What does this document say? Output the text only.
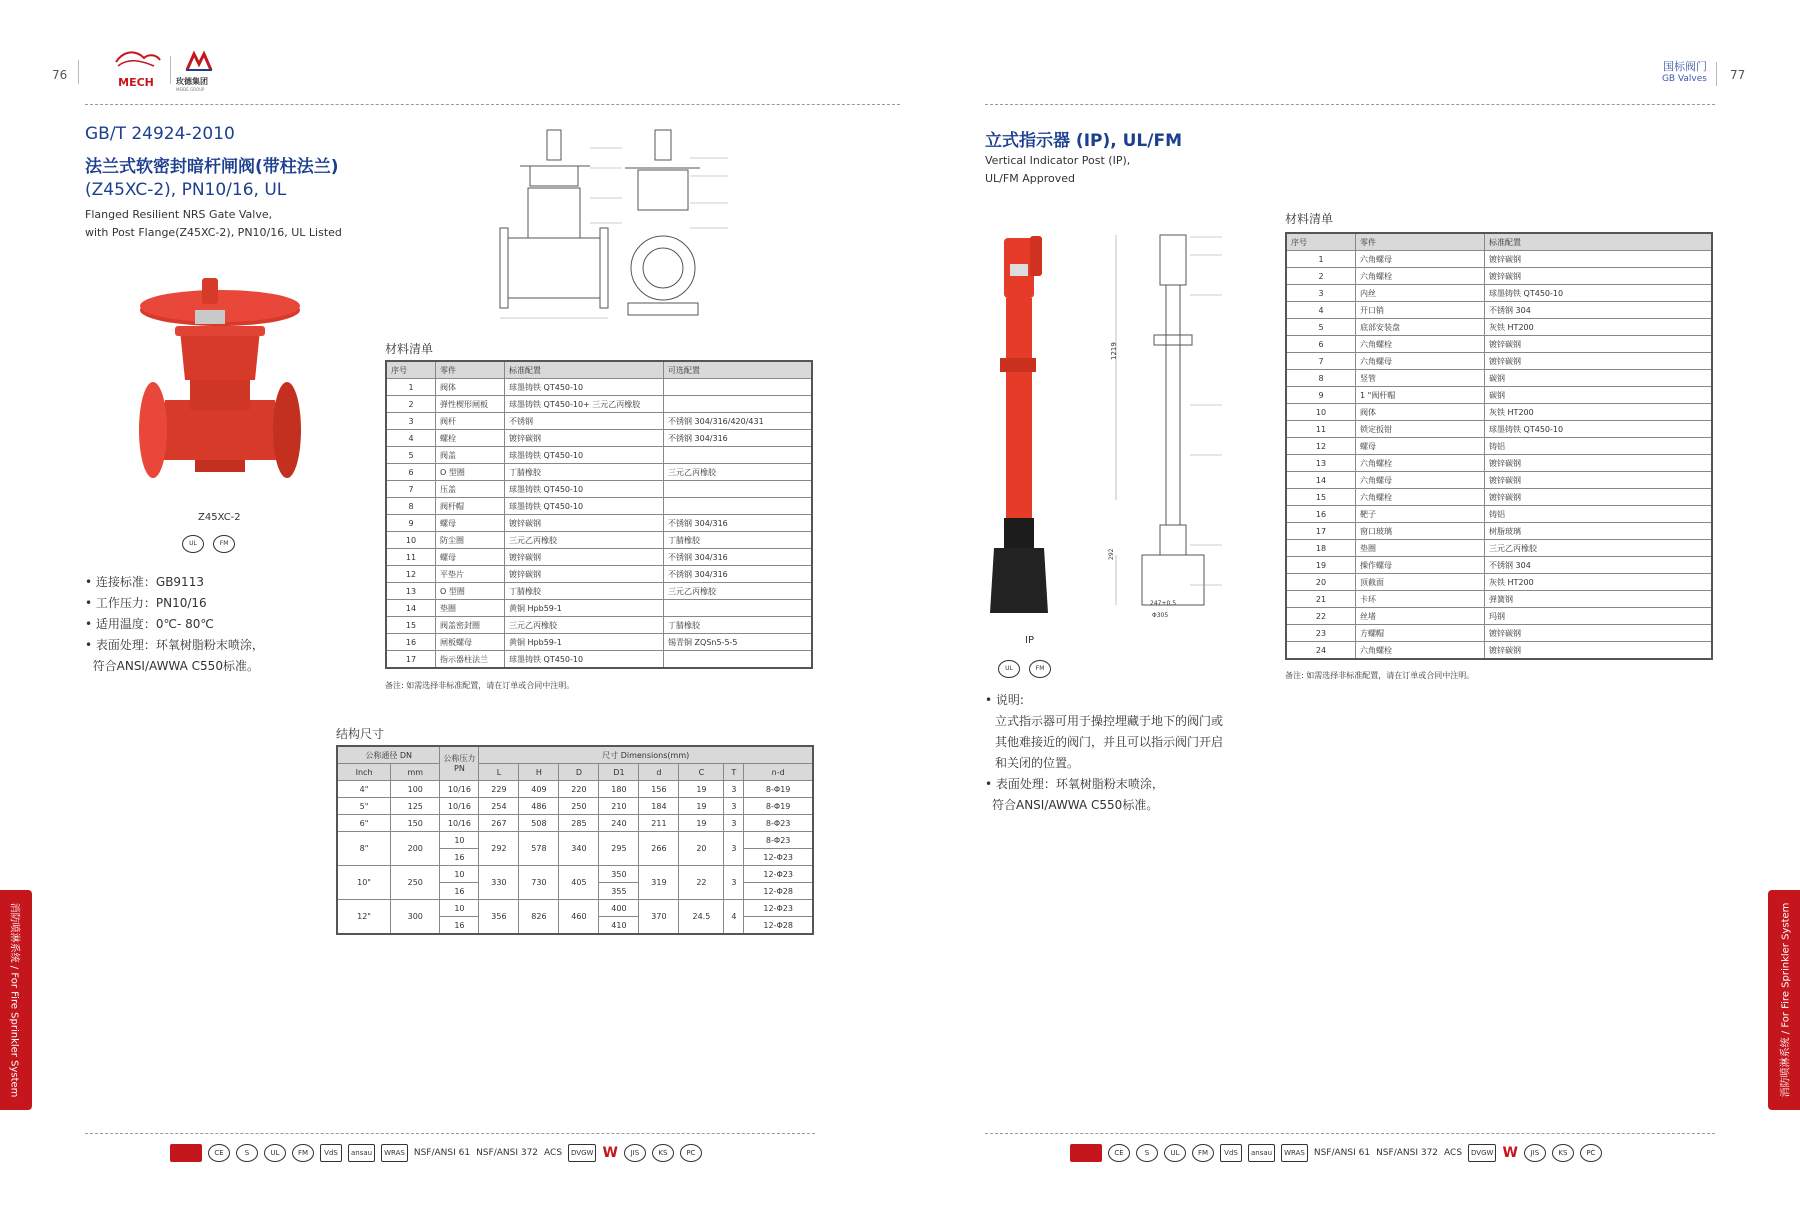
76
MECH	玫德集团
MEIDE GROUP
国标阀门
GB Valves 77
GB/T 24924-2010
法兰式软密封暗杆闸阀(带柱法兰)
(Z45XC-2), PN10/16, UL
Flanged Resilient NRS Gate Valve,
with Post Flange(Z45XC-2), PN10/16, UL Listed
Z45XC-2
UL	FM
• 连接标准：GB9113
• 工作压力：PN10/16
• 适用温度：0℃- 80℃
• 表面处理：环氧树脂粉末喷涂，
符合ANSI/AWWA C550标准。
材料清单
序号	零件	标准配置	可选配置
1	阀体	球墨铸铁 QT450-10	
2	弹性楔形闸板	球墨铸铁 QT450-10+ 三元乙丙橡胶	
3	阀杆	不锈钢	不锈钢 304/316/420/431
4	螺栓	镀锌碳钢	不锈钢 304/316
5	阀盖	球墨铸铁 QT450-10	
6	O 型圈	丁腈橡胶	三元乙丙橡胶
7	压盖	球墨铸铁 QT450-10	
8	阀杆帽	球墨铸铁 QT450-10	
9	螺母	镀锌碳钢	不锈钢 304/316
10	防尘圈	三元乙丙橡胶	丁腈橡胶
11	螺母	镀锌碳钢	不锈钢 304/316
12	平垫片	镀锌碳钢	不锈钢 304/316
13	O 型圈	丁腈橡胶	三元乙丙橡胶
14	垫圈	黄铜 Hpb59-1	
15	阀盖密封圈	三元乙丙橡胶	丁腈橡胶
16	闸板螺母	黄铜 Hpb59-1	锡青铜 ZQSn5-5-5
17	指示器柱法兰	球墨铸铁 QT450-10	
备注: 如需选择非标准配置，请在订单或合同中注明。
结构尺寸
公称通径 DN		公称压力 PN	尺寸 Dimensions(mm)							
Inch	mm		L	H	D	D1	d	C	T	n-d
4"	100	10/16	229	409	220	180	156	19	3	8-Φ19
5"	125	10/16	254	486	250	210	184	19	3	8-Φ19
6"	150	10/16	267	508	285	240	211	19	3	8-Φ23
8"	200	10	292	578	340	295	266	20	3	8-Φ23
		16								12-Φ23
10"	250	10	330	730	405	350	319	22	3	12-Φ23
		16				355				12-Φ28
12"	300	10	356	826	460	400	370	24.5	4	12-Φ23
		16				410				12-Φ28
立式指示器 (IP), UL/FM
Vertical Indicator Post (IP),
UL/FM Approved
IP
UL	FM
1219
292
247±0.5
Φ305
材料清单
序号	零件	标准配置
1	六角螺母	镀锌碳钢
2	六角螺栓	镀锌碳钢
3	内丝	球墨铸铁 QT450-10
4	开口销	不锈钢 304
5	底部安装盘	灰铁 HT200
6	六角螺栓	镀锌碳钢
7	六角螺母	镀锌碳钢
8	竖管	碳钢
9	1 "阀杆帽	碳钢
10	阀体	灰铁 HT200
11	锁定扳钳	球墨铸铁 QT450-10
12	螺母	铸铝
13	六角螺栓	镀锌碳钢
14	六角螺母	镀锌碳钢
15	六角螺栓	镀锌碳钢
16	靶子	铸铝
17	窗口玻璃	树脂玻璃
18	垫圈	三元乙丙橡胶
19	操作螺母	不锈钢 304
20	顶截面	灰铁 HT200
21	卡环	弹簧钢
22	丝堵	玛钢
23	方螺帽	镀锌碳钢
24	六角螺栓	镀锌碳钢
备注: 如需选择非标准配置，请在订单或合同中注明。
• 说明:
立式指示器可用于操控埋藏于地下的阀门或
其他难接近的阀门，并且可以指示阀门开启
和关闭的位置。
• 表面处理：环氧树脂粉末喷涂，
符合ANSI/AWWA C550标准。
消防喷淋系统 / For Fire Sprinkler System	消防喷淋系统 / For Fire Sprinkler System
CE	S	UL	FM	VdS	ansau	WRAS	NSF/ANSI 61 NSF/ANSI 372 ACS	DVGW W	JIS	KS	PC	CE	S	UL	FM	VdS	ansau	WRAS	NSF/ANSI 61 NSF/ANSI 372 ACS	DVGW W	JIS	KS	PC
